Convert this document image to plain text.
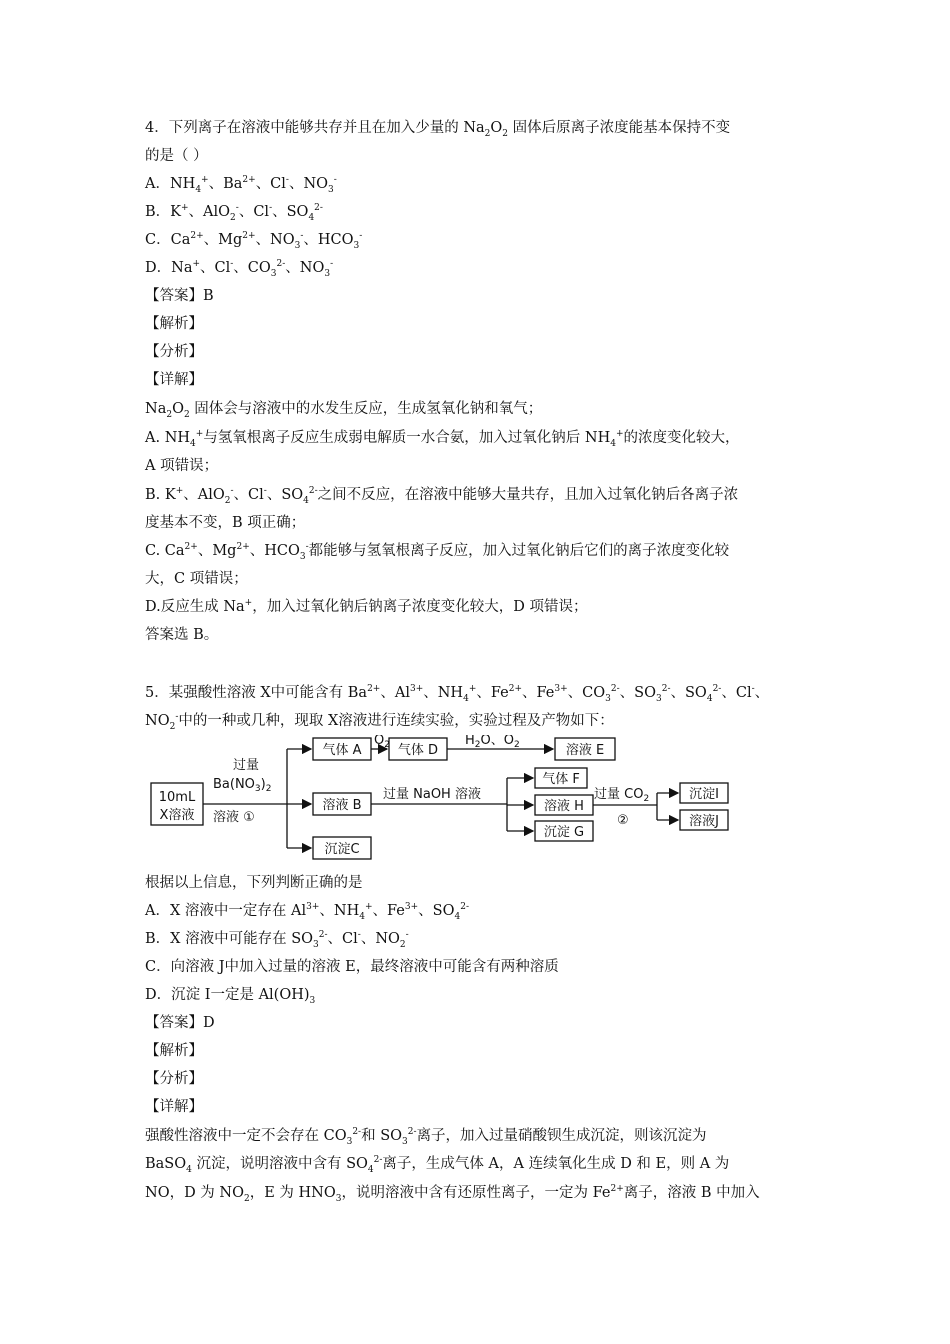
4．下列离子在溶液中能够共存并且在加入少量的 $Na_2O_2$ 固体后原离子浓度能基本保持不变
的是（ ）
A．$NH_4^+$、$Ba^{2+}$、Cl-、$NO_3^-$
B．K+、AlO$_2$-、Cl-、$SO_4^{2-}$
C．$Ca^{2+}$、$Mg^{2+}$、$NO_3^-$、$HCO_3^-$
D．Na+、Cl-、$CO_3^{2-}$、$NO_3^-$
【答案】B
【解析】
【分析】
【详解】
$Na_2O_2$ 固体会与溶液中的水发生反应，生成氢氧化钠和氧气；
A. $NH_4^+$与氢氧根离子反应生成弱电解质一水合氨，加入过氧化钠后 $NH_4^+$的浓度变化较大，
A 项错误；
B. K+、AlO$_2$-、Cl-、$SO_4^{2-}$之间不反应，在溶液中能够大量共存，且加入过氧化钠后各离子浓
度基本不变，B 项正确；
C. $Ca^{2+}$、$Mg^{2+}$、$HCO_3^-$都能够与氢氧根离子反应，加入过氧化钠后它们的离子浓度变化较
大，C 项错误；
D.反应生成 Na+，加入过氧化钠后钠离子浓度变化较大，D 项错误；
答案选 B。
5．某强酸性溶液 X中可能含有 $Ba^{2+}$、$Al^{3+}$、$NH_4^+$、$Fe^{2+}$、$Fe^{3+}$、$CO_3^{2-}$、$SO_3^{2-}$、$SO_4^{2-}$、Cl-、
$NO_2^-$中的一种或几种，现取 X溶液进行连续实验，实验过程及产物如下：
10mL
X溶液
过量
$Ba(NO_3)_2$
溶液 ①
气体 A
$O_2$ 气体 D
$H_2O$、$O_2$	溶液 E
溶液 B
过量 NaOH 溶液
沉淀C
气体 F
溶液 H
沉淀 G
过量 $CO_2$
②
沉淀I
溶液J
根据以上信息，下列判断正确的是
A．X 溶液中一定存在 $Al^{3+}$、$NH_4^+$、$Fe^{3+}$、$SO_4^{2-}$
B．X 溶液中可能存在 $SO_3^{2-}$、Cl-、$NO_2^-$
C．向溶液 J中加入过量的溶液 E，最终溶液中可能含有两种溶质
D．沉淀 I一定是 $Al(OH)_3$
【答案】D
【解析】
【分析】
【详解】
强酸性溶液中一定不会存在 $CO_3^{2-}$和 $SO_3^{2-}$离子，加入过量硝酸钡生成沉淀，则该沉淀为
BaSO$_4$ 沉淀，说明溶液中含有 $SO_4^{2-}$离子，生成气体 A，A 连续氧化生成 D 和 E，则 A 为
NO，D 为 $NO_2$，E 为 $HNO_3$，说明溶液中含有还原性离子，一定为 $Fe^{2+}$离子，溶液 B 中加入
